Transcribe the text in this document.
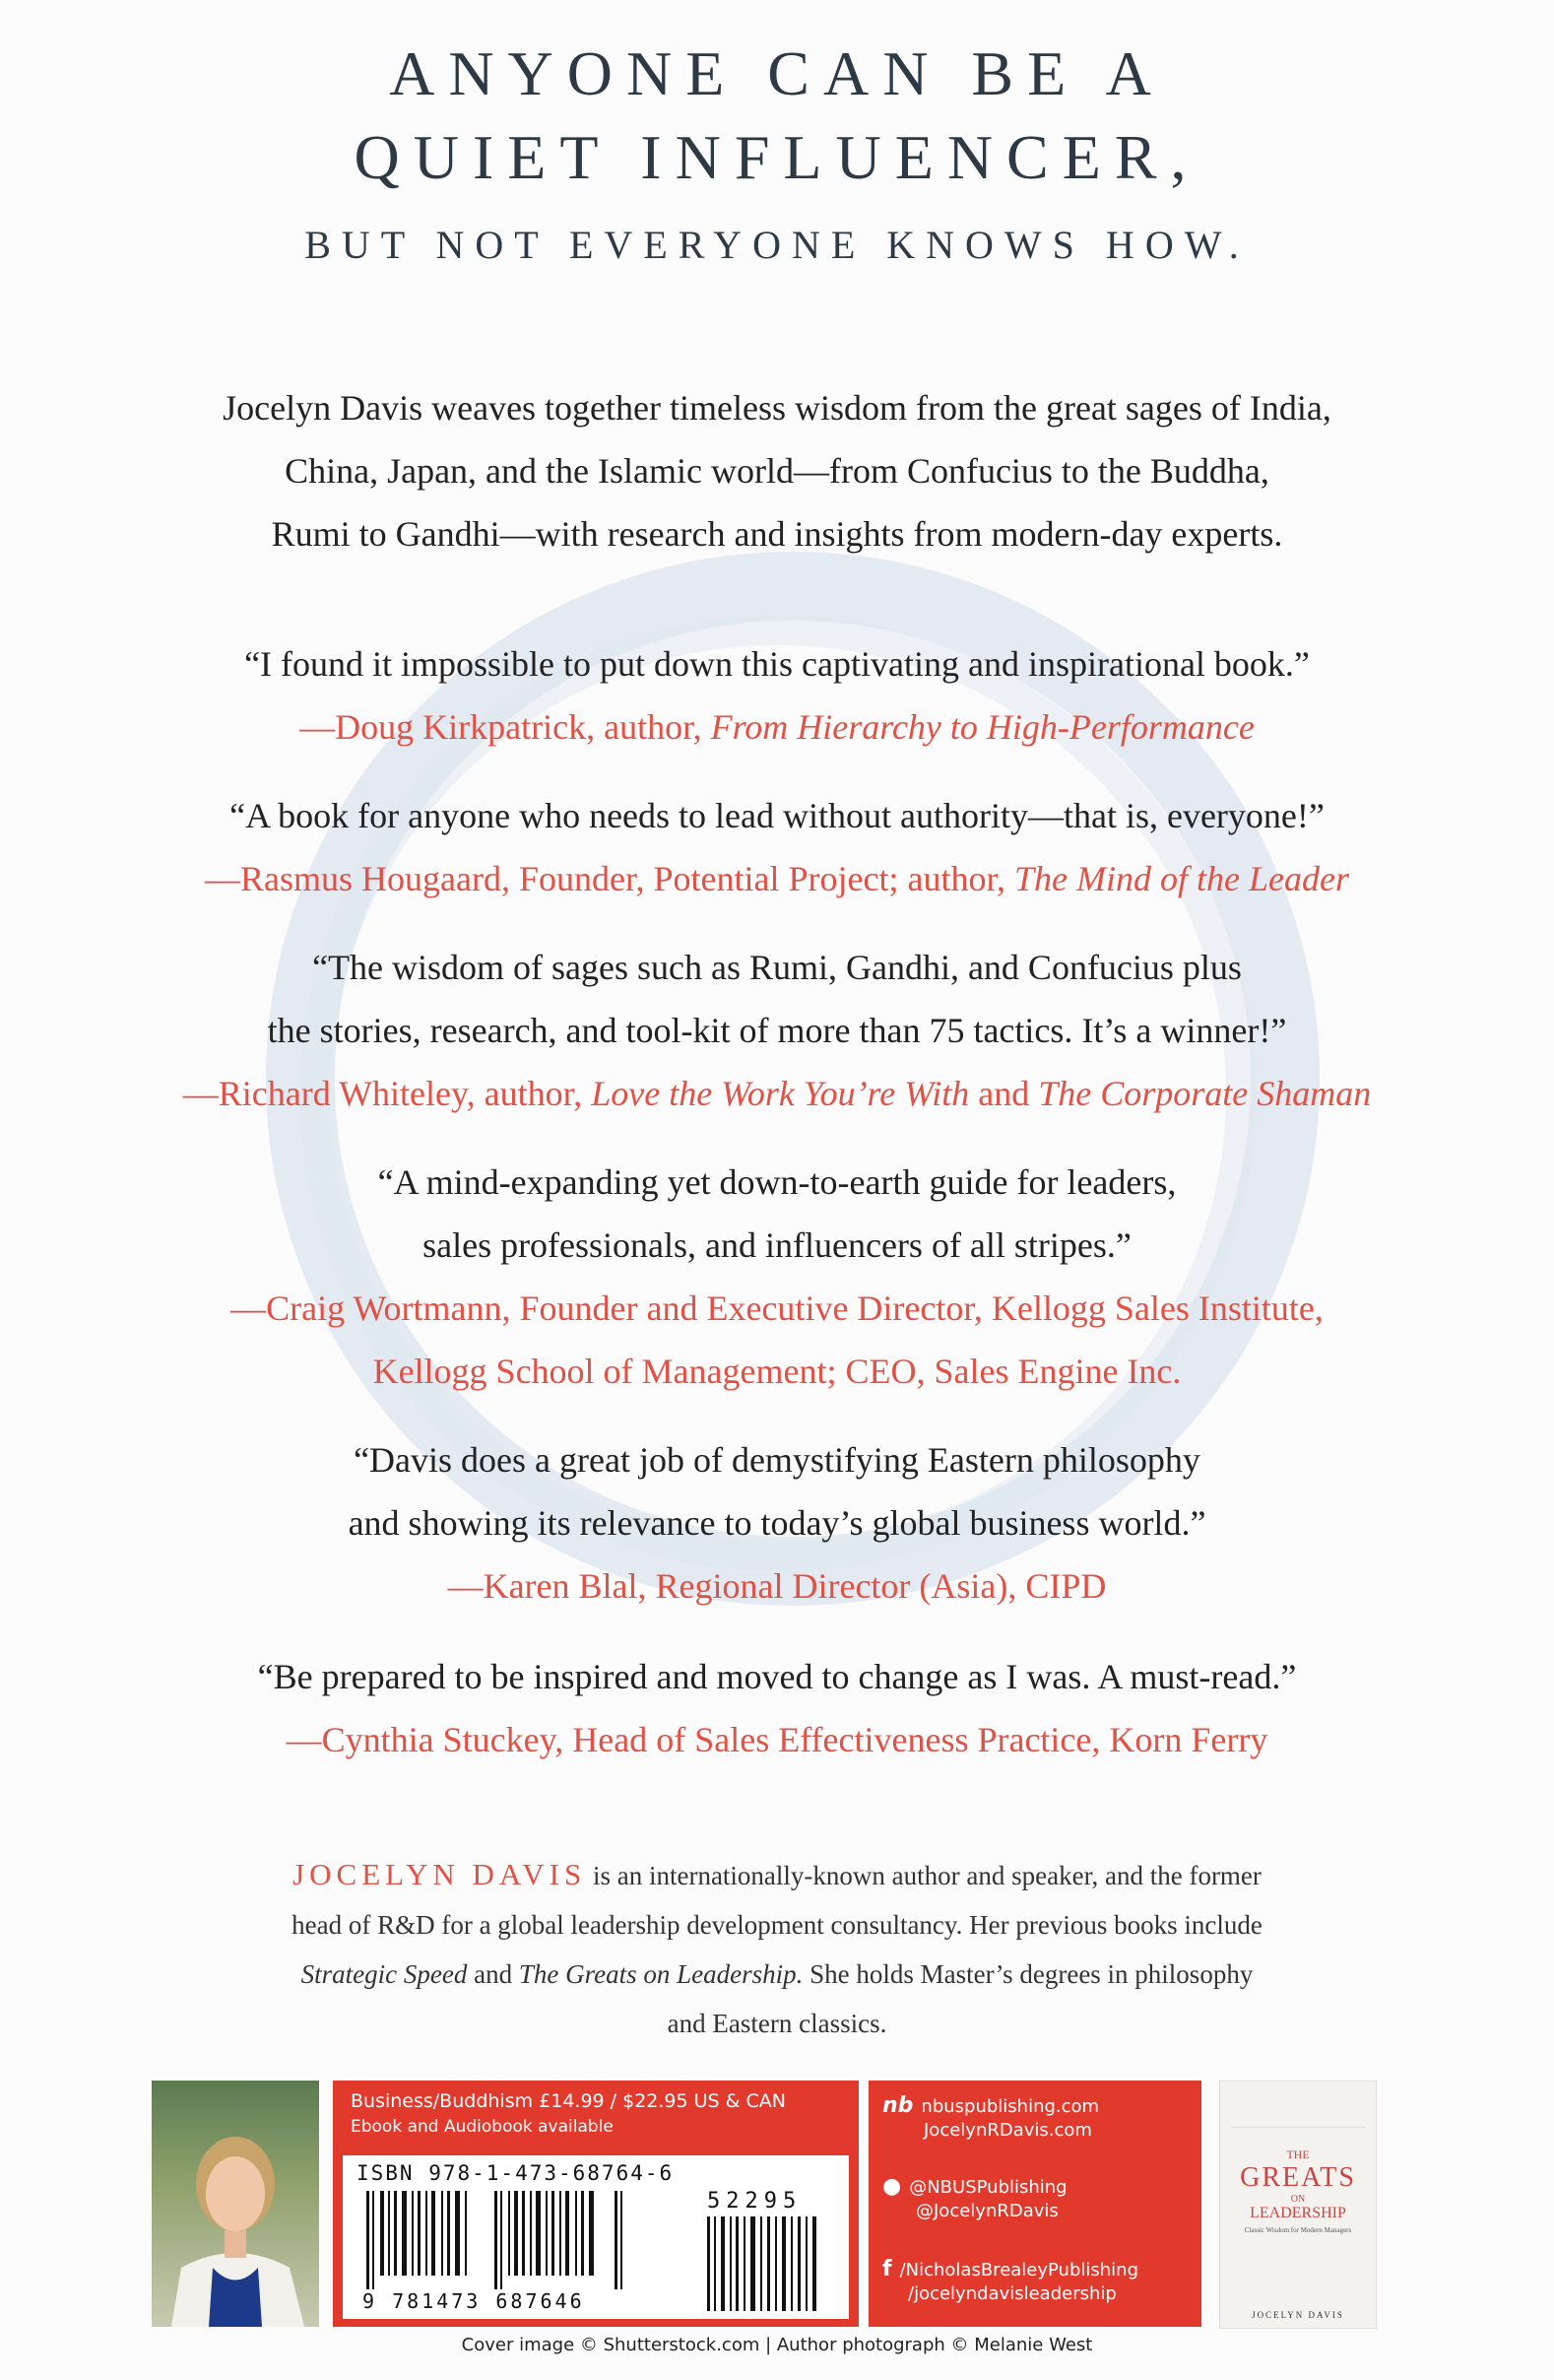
ANYONE CAN BE A
QUIET INFLUENCER,
BUT NOT EVERYONE KNOWS HOW.
Jocelyn Davis weaves together timeless wisdom from the great sages of India,
China, Japan, and the Islamic world—from Confucius to the Buddha,
Rumi to Gandhi—with research and insights from modern-day experts.
“I found it impossible to put down this captivating and inspirational book.”
—Doug Kirkpatrick, author, From Hierarchy to High-Performance
“A book for anyone who needs to lead without authority—that is, everyone!”
—Rasmus Hougaard, Founder, Potential Project; author, The Mind of the Leader
“The wisdom of sages such as Rumi, Gandhi, and Confucius plus
the stories, research, and tool-kit of more than 75 tactics. It’s a winner!”
—Richard Whiteley, author, Love the Work You’re With and The Corporate Shaman
“A mind-expanding yet down-to-earth guide for leaders,
sales professionals, and influencers of all stripes.”
—Craig Wortmann, Founder and Executive Director, Kellogg Sales Institute,
Kellogg School of Management; CEO, Sales Engine Inc.
“Davis does a great job of demystifying Eastern philosophy
and showing its relevance to today’s global business world.”
—Karen Blal, Regional Director (Asia), CIPD
“Be prepared to be inspired and moved to change as I was. A must-read.”
—Cynthia Stuckey, Head of Sales Effectiveness Practice, Korn Ferry
JOCELYN DAVIS is an internationally-known author and speaker, and the former
head of R&D for a global leadership development consultancy. Her previous books include
Strategic Speed and The Greats on Leadership. She holds Master’s degrees in philosophy
and Eastern classics.
Business/Buddhism £14.99 / $22.95 US & CAN
Ebook and Audiobook available
ISBN 978-1-473-68764-6
9 781473 687646
52295
nb nbuspublishing.com
JocelynRDavis.com
● @NBUSPublishing
@JocelynRDavis
f /NicholasBrealeyPublishing
/jocelyndavisleadership
THE
GREATS
ON
LEADERSHIP
Classic Wisdom for Modern Managers
JOCELYN DAVIS
Cover image © Shutterstock.com | Author photograph © Melanie West
